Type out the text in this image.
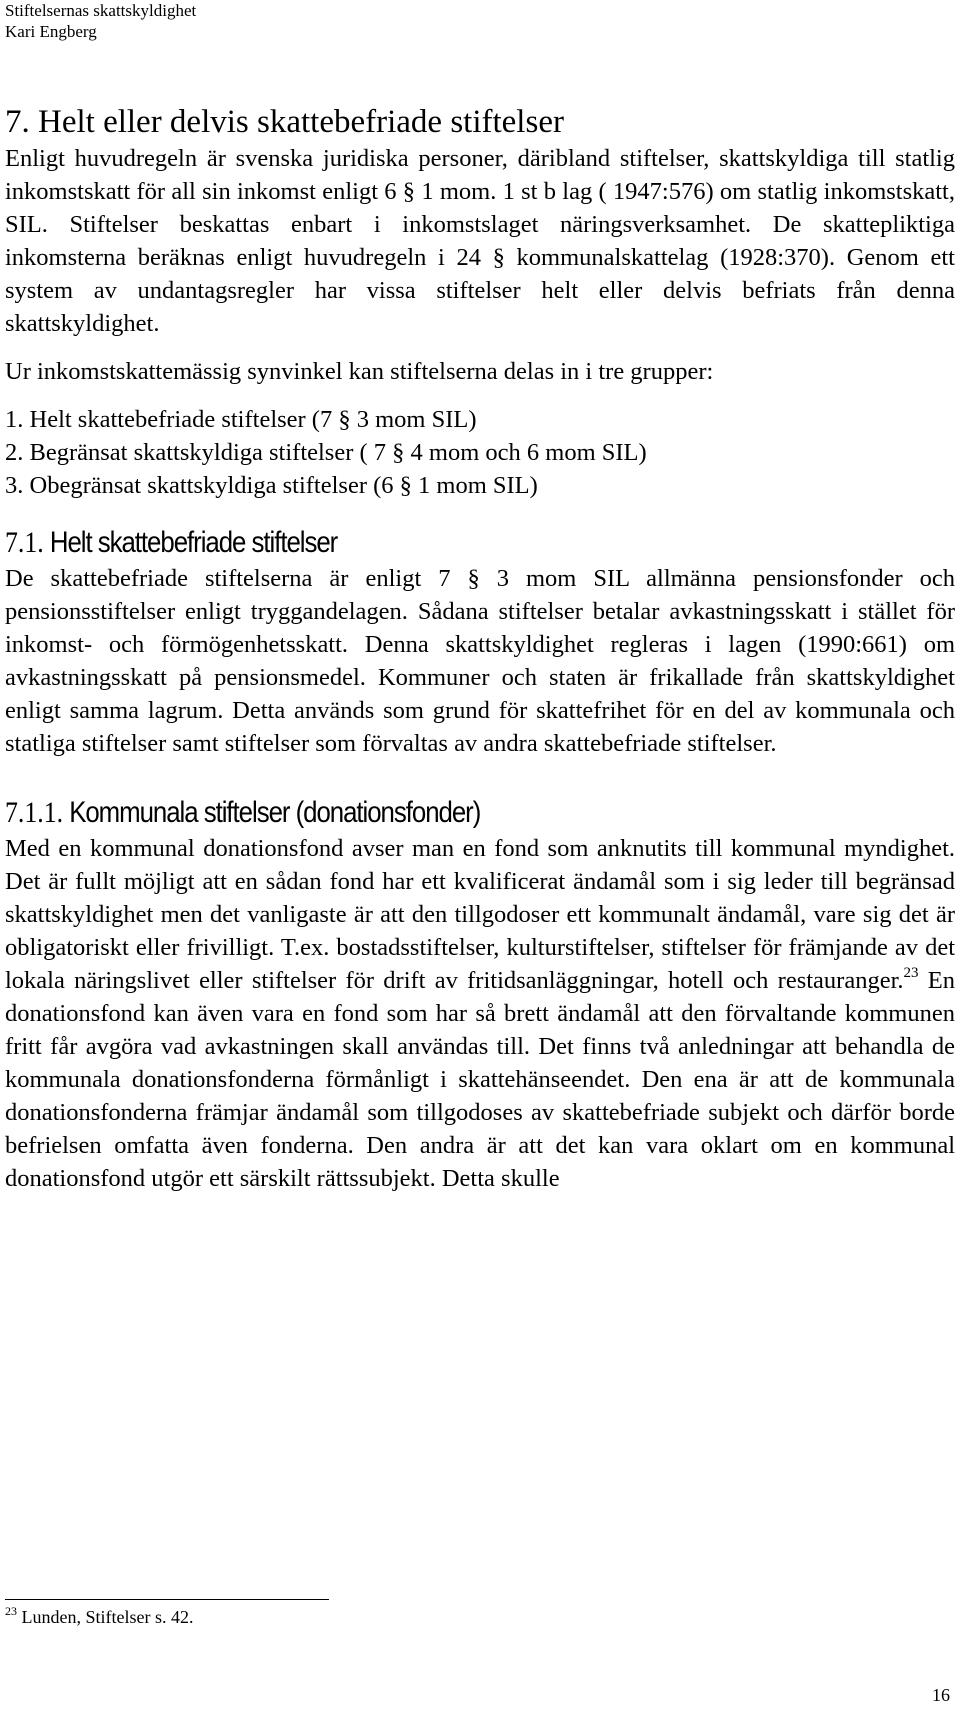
Stiftelsernas skattskyldighet
Kari Engberg
7. Helt eller delvis skattebefriade stiftelser

Enligt huvudregeln är svenska juridiska personer, däribland stiftelser, skattskyldiga till statlig inkomstskatt för all sin inkomst enligt 6 § 1 mom. 1 st b lag ( 1947:576) om statlig inkomstskatt, SIL. Stiftelser beskattas enbart i inkomstslaget näringsverksamhet. De skattepliktiga inkomsterna beräknas enligt huvudregeln i 24 § kommunalskattelag (1928:370). Genom ett system av undantagsregler har vissa stiftelser helt eller delvis befriats från denna skattskyldighet.

Ur inkomstskattemässig synvinkel kan stiftelserna delas in i tre grupper:

1. Helt skattebefriade stiftelser (7 § 3 mom SIL)
2. Begränsat skattskyldiga stiftelser ( 7 § 4 mom och 6 mom SIL)
3. Obegränsat skattskyldiga stiftelser (6 § 1 mom SIL)
7.1. Helt skattebefriade stiftelser

De skattebefriade stiftelserna är enligt 7 § 3 mom SIL allmänna pensionsfonder och pensionsstiftelser enligt tryggandelagen. Sådana stiftelser betalar avkastningsskatt i stället för inkomst- och förmögenhetsskatt. Denna skattskyldighet regleras i lagen (1990:661) om avkastningsskatt på pensionsmedel. Kommuner och staten är frikallade från skattskyldighet enligt samma lagrum. Detta används som grund för skattefrihet för en del av kommunala och statliga stiftelser samt stiftelser som förvaltas av andra skattebefriade stiftelser.

7.1.1. Kommunala stiftelser (donationsfonder)

Med en kommunal donationsfond avser man en fond som anknutits till kommunal myndighet. Det är fullt möjligt att en sådan fond har ett kvalificerat ändamål som i sig leder till begränsad skattskyldighet men det vanligaste är att den tillgodoser ett kommunalt ändamål, vare sig det är obligatoriskt eller frivilligt. T.ex. bostadsstiftelser, kulturstiftelser, stiftelser för främjande av det lokala näringslivet eller stiftelser för drift av fritidsanläggningar, hotell och restauranger.$^{23}$ En donationsfond kan även vara en fond som har så brett ändamål att den förvaltande kommunen fritt får avgöra vad avkastningen skall användas till. Det finns två anledningar att behandla de kommunala donationsfonderna förmånligt i skattehänseendet. Den ena är att de kommunala donationsfonderna främjar ändamål som tillgodoses av skattebefriade subjekt och därför borde befrielsen omfatta även fonderna. Den andra är att det kan vara oklart om en kommunal donationsfond utgör ett särskilt rättssubjekt. Detta skulle

$^{23}$ Lunden, Stiftelser s. 42.
16
